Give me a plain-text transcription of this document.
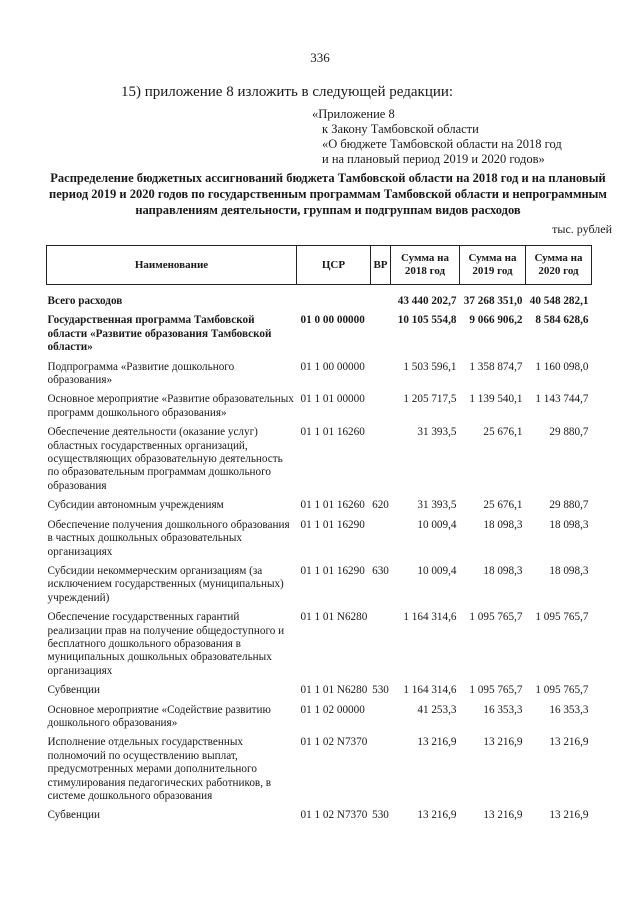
336
15) приложение 8 изложить в следующей редакции:
«Приложение 8
к Закону Тамбовской области
«О бюджете Тамбовской области на 2018 год
и на плановый период 2019 и 2020 годов»
Распределение бюджетных ассигнований бюджета Тамбовской области на 2018 год и на плановый период 2019 и 2020 годов по государственным программам Тамбовской области и непрограммным направлениям деятельности, группам и подгруппам видов расходов
тыс. рублей
Наименование	ЦСР	ВР	Сумма на 2018 год	Сумма на 2019 год	Сумма на 2020 год
Всего расходов			43 440 202,7	37 268 351,0	40 548 282,1
Государственная программа Тамбовской области «Развитие образования Тамбовской области»	01 0 00 00000		10 105 554,8	9 066 906,2	8 584 628,6
Подпрограмма «Развитие дошкольного образования»	01 1 00 00000		1 503 596,1	1 358 874,7	1 160 098,0
Основное мероприятие «Развитие образовательных программ дошкольного образования»	01 1 01 00000		1 205 717,5	1 139 540,1	1 143 744,7
Обеспечение деятельности (оказание услуг) областных государственных организаций, осуществляющих образовательную деятельность по образовательным программам дошкольного образования	01 1 01 16260		31 393,5	25 676,1	29 880,7
Субсидии автономным учреждениям	01 1 01 16260	620	31 393,5	25 676,1	29 880,7
Обеспечение получения дошкольного образования в частных дошкольных образовательных организациях	01 1 01 16290		10 009,4	18 098,3	18 098,3
Субсидии некоммерческим организациям (за исключением государственных (муниципальных) учреждений)	01 1 01 16290	630	10 009,4	18 098,3	18 098,3
Обеспечение государственных гарантий реализации прав на получение общедоступного и бесплатного дошкольного образования в муниципальных дошкольных образовательных организациях	01 1 01 N6280		1 164 314,6	1 095 765,7	1 095 765,7
Субвенции	01 1 01 N6280	530	1 164 314,6	1 095 765,7	1 095 765,7
Основное мероприятие «Содействие развитию дошкольного образования»	01 1 02 00000		41 253,3	16 353,3	16 353,3
Исполнение отдельных государственных полномочий по осуществлению выплат, предусмотренных мерами дополнительного стимулирования педагогических работников, в системе дошкольного образования	01 1 02 N7370		13 216,9	13 216,9	13 216,9
Субвенции	01 1 02 N7370	530	13 216,9	13 216,9	13 216,9
